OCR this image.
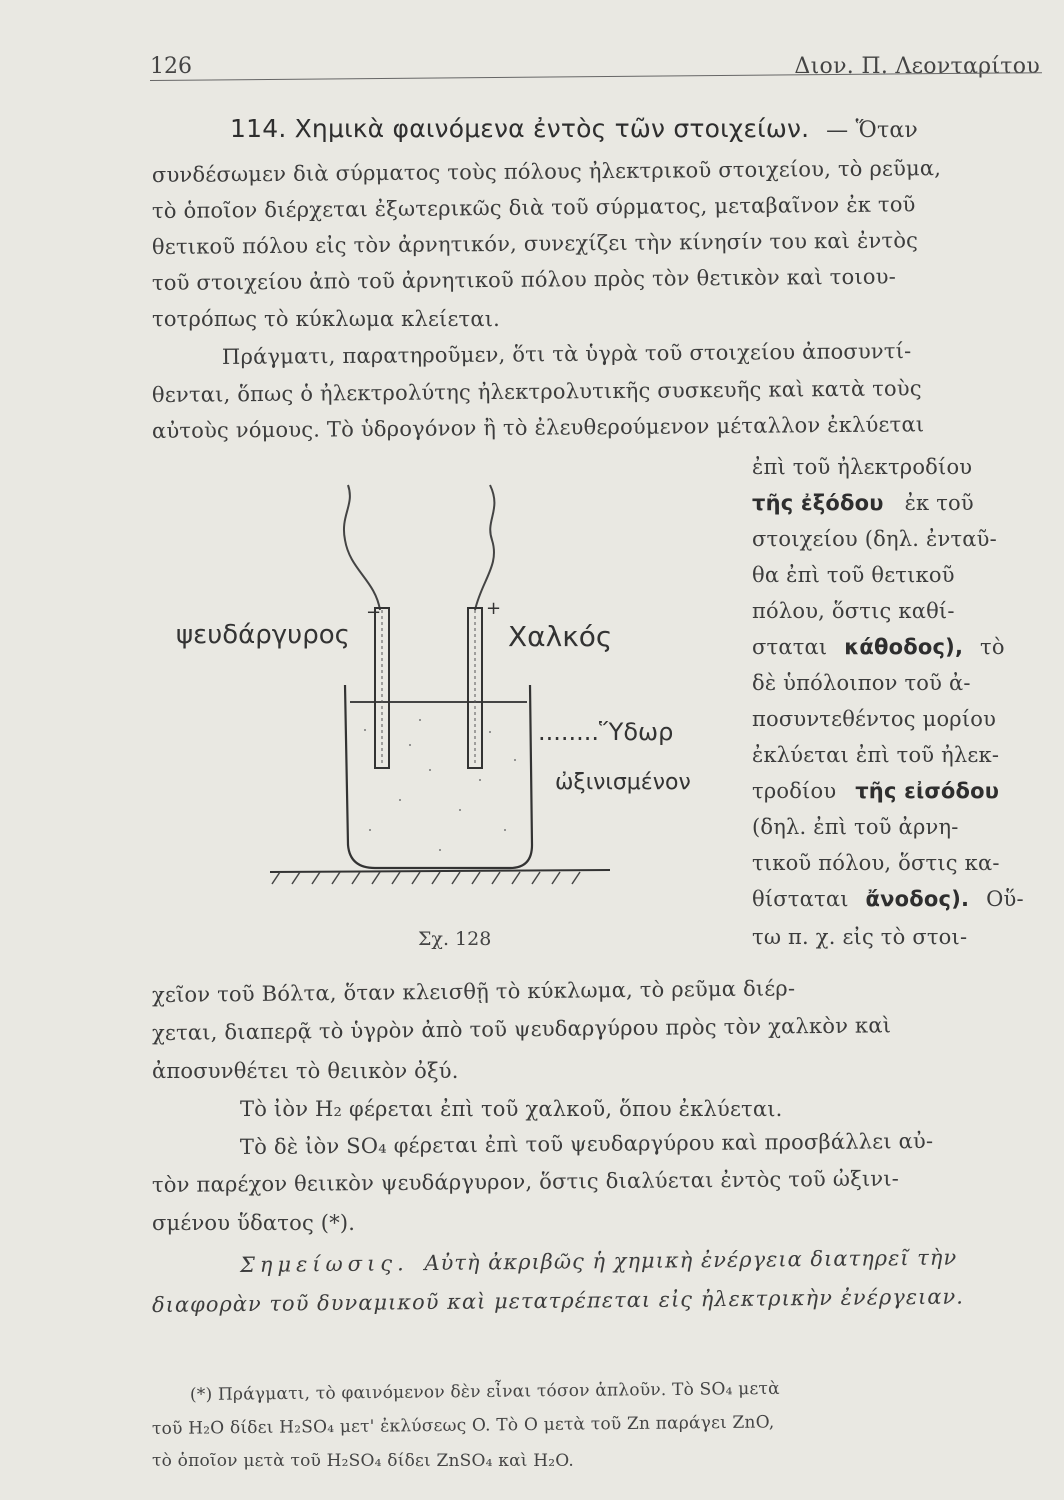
126	Διον. Π. Λεονταρίτου
114. Χημικὰ φαινόμενα ἐντὸς τῶν στοιχείων. — Ὅταν
συνδέσωμεν διὰ σύρματος τοὺς πόλους ἠλεκτρικοῦ στοιχείου, τὸ ρεῦμα,
τὸ ὁποῖον διέρχεται ἐξωτερικῶς διὰ τοῦ σύρματος, μεταβαῖνον ἐκ τοῦ
θετικοῦ πόλου εἰς τὸν ἀρνητικόν, συνεχίζει τὴν κίνησίν του καὶ ἐντὸς
τοῦ στοιχείου ἀπὸ τοῦ ἀρνητικοῦ πόλου πρὸς τὸν θετικὸν καὶ τοιου-
τοτρόπως τὸ κύκλωμα κλείεται.
Πράγματι, παρατηροῦμεν, ὅτι τὰ ὑγρὰ τοῦ στοιχείου ἀποσυντί-
θενται, ὅπως ὁ ἠλεκτρολύτης ἠλεκτρολυτικῆς συσκευῆς καὶ κατὰ τοὺς
αὐτοὺς νόμους. Τὸ ὑδρογόνον ἢ τὸ ἐλευθερούμενον μέταλλον ἐκλύεται
ἐπὶ τοῦ ἠλεκτροδίου
τῆς ἐξόδου ἐκ τοῦ
στοιχείου (δηλ. ἐνταῦ-
θα ἐπὶ τοῦ θετικοῦ
πόλου, ὅστις καθί-
σταται κάθοδος), τὸ
δὲ ὑπόλοιπον τοῦ ἀ-
ποσυντεθέντος μορίου
ἐκλύεται ἐπὶ τοῦ ἠλεκ-
τροδίου τῆς εἰσόδου
(δηλ. ἐπὶ τοῦ ἀρνη-
τικοῦ πόλου, ὅστις κα-
θίσταται ἄνοδος). Οὕ-
τω π. χ. εἰς τὸ στοι-
ψευδάργυρος
−	+
Χαλκός
........Ὕδωρ
ὠξινισμένον
Σχ. 128
χεῖον τοῦ Βόλτα, ὅταν κλεισθῇ τὸ κύκλωμα, τὸ ρεῦμα διέρ-
χεται, διαπερᾷ τὸ ὑγρὸν ἀπὸ τοῦ ψευδαργύρου πρὸς τὸν χαλκὸν καὶ
ἀποσυνθέτει τὸ θειικὸν ὀξύ.
Τὸ ἰὸν H₂ φέρεται ἐπὶ τοῦ χαλκοῦ, ὅπου ἐκλύεται.
Τὸ δὲ ἰὸν SO₄ φέρεται ἐπὶ τοῦ ψευδαργύρου καὶ προσβάλλει αὐ-
τὸν παρέχον θειικὸν ψευδάργυρον, ὅστις διαλύεται ἐντὸς τοῦ ὠξινι-
σμένου ὕδατος (*).
Σημείωσις. Αὐτὴ ἀκριβῶς ἡ χημικὴ ἐνέργεια διατηρεῖ τὴν
διαφορὰν τοῦ δυναμικοῦ καὶ μετατρέπεται εἰς ἠλεκτρικὴν ἐνέργειαν.
(*) Πράγματι, τὸ φαινόμενον δὲν εἶναι τόσον ἁπλοῦν. Τὸ SO₄ μετὰ
τοῦ H₂O δίδει H₂SO₄ μετ' ἐκλύσεως O. Τὸ O μετὰ τοῦ Zn παράγει ZnO,
τὸ ὁποῖον μετὰ τοῦ H₂SO₄ δίδει ZnSO₄ καὶ H₂O.
